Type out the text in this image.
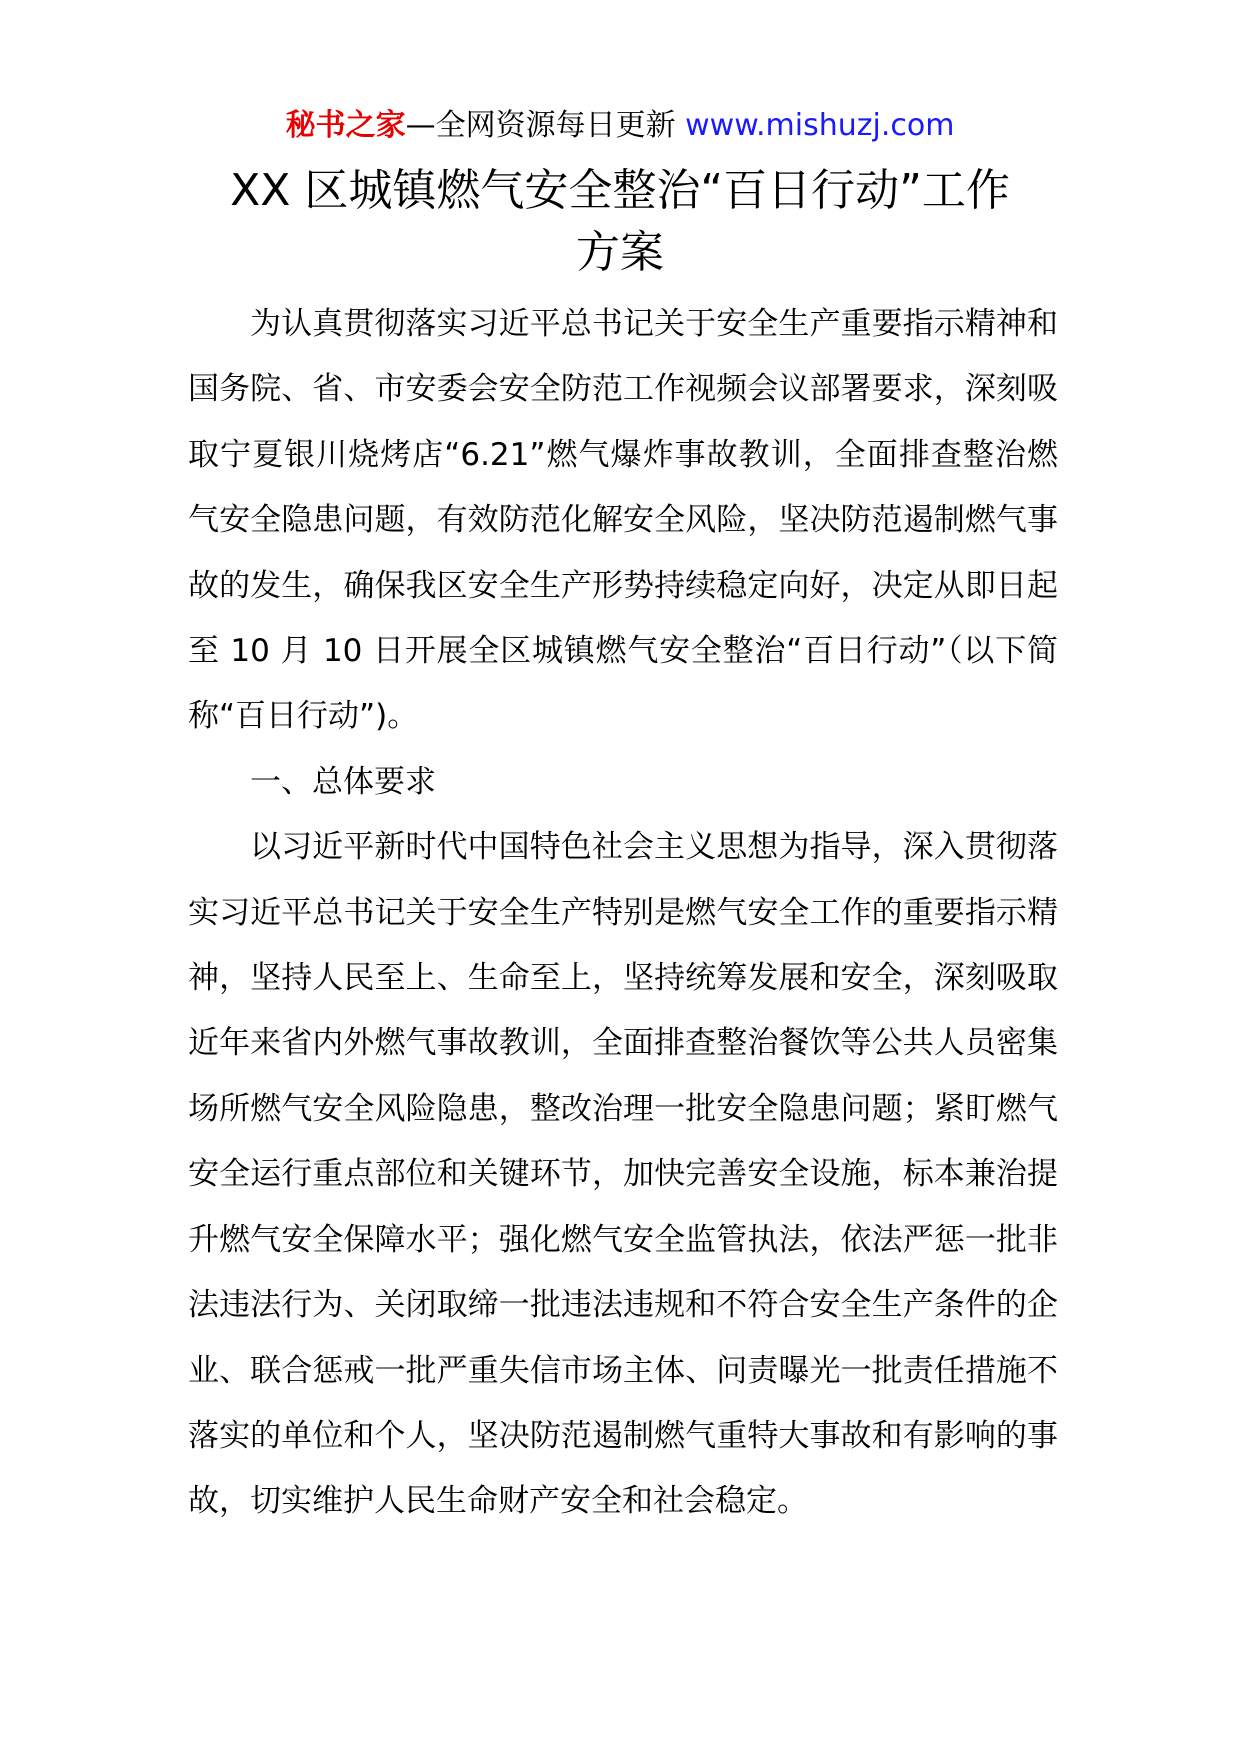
秘书之家—全网资源每日更新 www.mishuzj.com
XX 区城镇燃气安全整治“百日行动”工作
方案

为认真贯彻落实习近平总书记关于安全生产重要指示精神和国务院、省、市安委会安全防范工作视频会议部署要求，深刻吸取宁夏银川烧烤店“6.21”燃气爆炸事故教训，全面排查整治燃气安全隐患问题，有效防范化解安全风险，坚决防范遏制燃气事故的发生，确保我区安全生产形势持续稳定向好，决定从即日起至 10 月 10 日开展全区城镇燃气安全整治“百日行动”（以下简称“百日行动”)。

一、总体要求

以习近平新时代中国特色社会主义思想为指导，深入贯彻落实习近平总书记关于安全生产特别是燃气安全工作的重要指示精神，坚持人民至上、生命至上，坚持统筹发展和安全，深刻吸取近年来省内外燃气事故教训，全面排查整治餐饮等公共人员密集场所燃气安全风险隐患，整改治理一批安全隐患问题；紧盯燃气安全运行重点部位和关键环节，加快完善安全设施，标本兼治提升燃气安全保障水平；强化燃气安全监管执法，依法严惩一批非法违法行为、关闭取缔一批违法违规和不符合安全生产条件的企业、联合惩戒一批严重失信市场主体、问责曝光一批责任措施不落实的单位和个人，坚决防范遏制燃气重特大事故和有影响的事故，切实维护人民生命财产安全和社会稳定。
